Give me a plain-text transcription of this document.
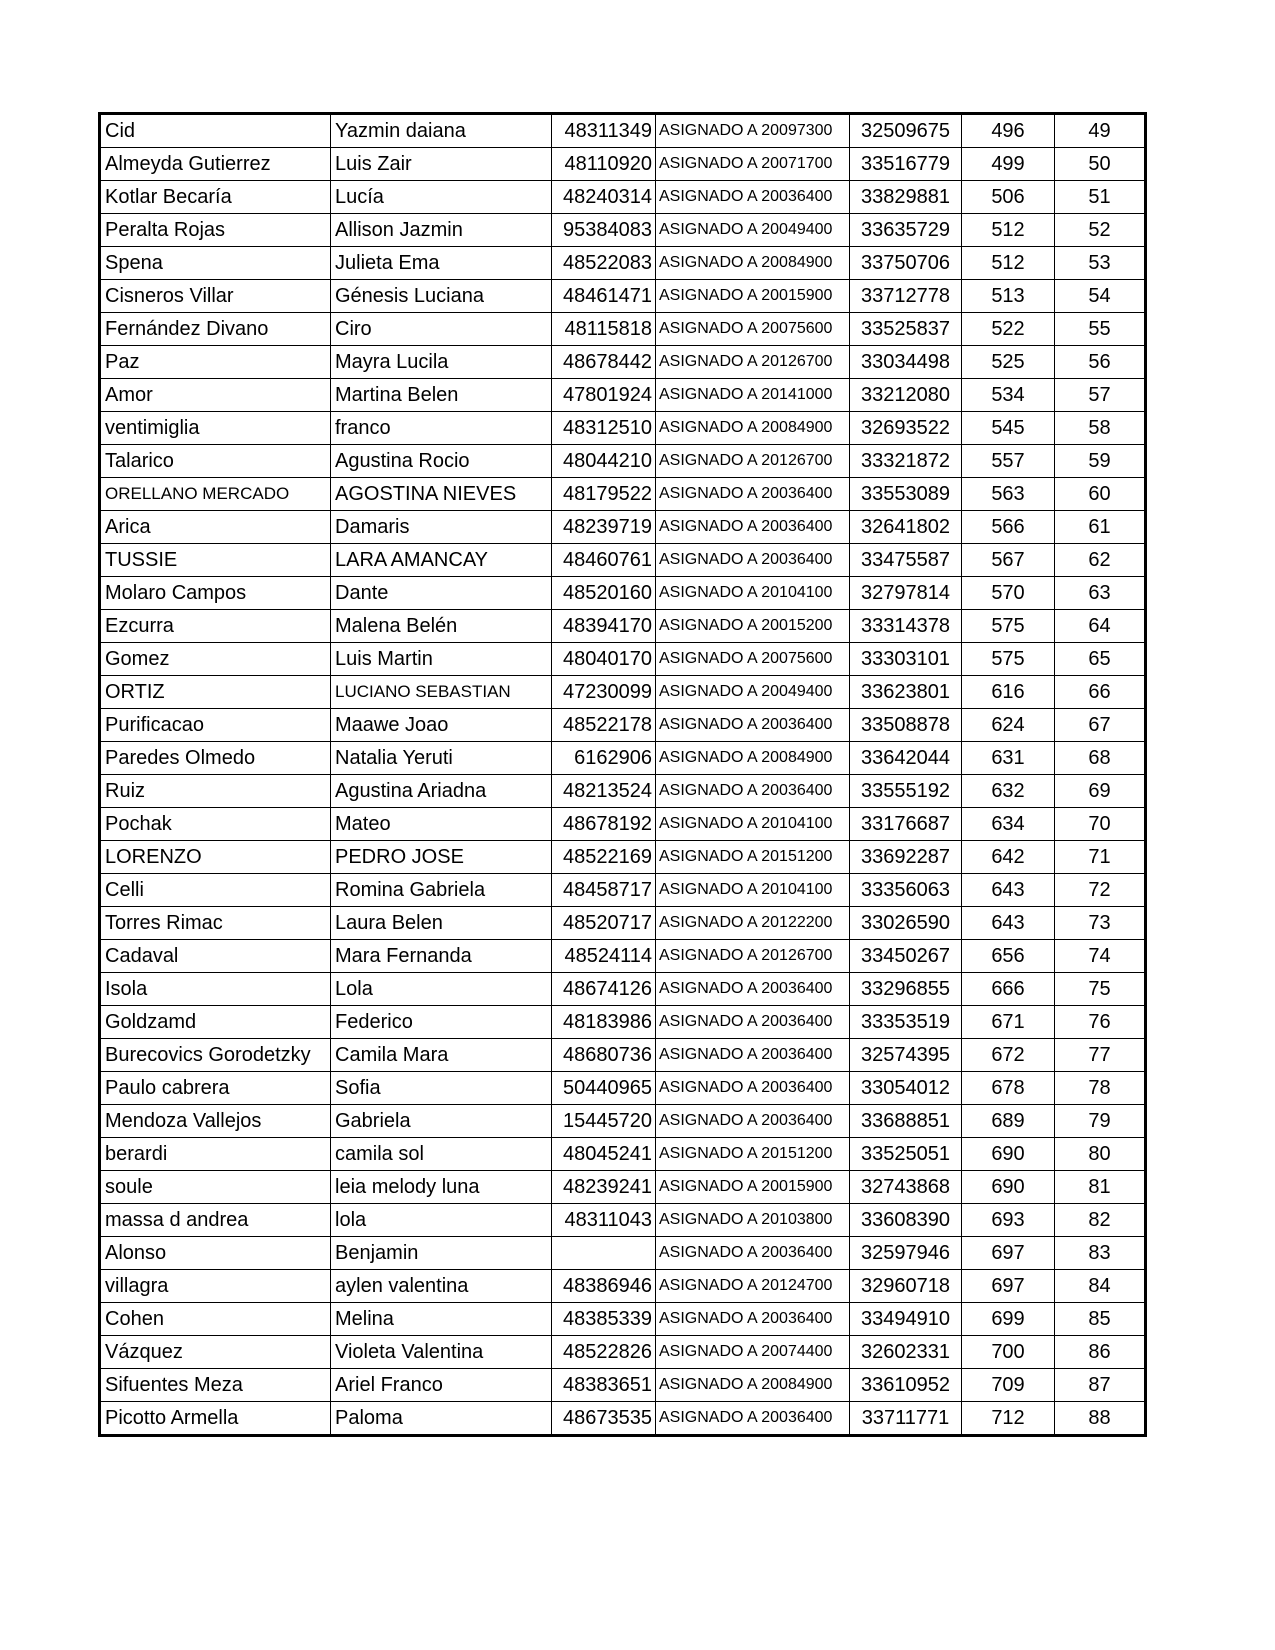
Cid	Yazmin daiana	48311349	ASIGNADO A 20097300	32509675	496	49
Almeyda Gutierrez	Luis Zair	48110920	ASIGNADO A 20071700	33516779	499	50
Kotlar Becaría	Lucía	48240314	ASIGNADO A 20036400	33829881	506	51
Peralta Rojas	Allison Jazmin	95384083	ASIGNADO A 20049400	33635729	512	52
Spena	Julieta Ema	48522083	ASIGNADO A 20084900	33750706	512	53
Cisneros Villar	Génesis Luciana	48461471	ASIGNADO A 20015900	33712778	513	54
Fernández Divano	Ciro	48115818	ASIGNADO A 20075600	33525837	522	55
Paz	Mayra Lucila	48678442	ASIGNADO A 20126700	33034498	525	56
Amor	Martina Belen	47801924	ASIGNADO A 20141000	33212080	534	57
ventimiglia	franco	48312510	ASIGNADO A 20084900	32693522	545	58
Talarico	Agustina Rocio	48044210	ASIGNADO A 20126700	33321872	557	59
ORELLANO MERCADO	AGOSTINA NIEVES	48179522	ASIGNADO A 20036400	33553089	563	60
Arica	Damaris	48239719	ASIGNADO A 20036400	32641802	566	61
TUSSIE	LARA AMANCAY	48460761	ASIGNADO A 20036400	33475587	567	62
Molaro Campos	Dante	48520160	ASIGNADO A 20104100	32797814	570	63
Ezcurra	Malena Belén	48394170	ASIGNADO A 20015200	33314378	575	64
Gomez	Luis Martin	48040170	ASIGNADO A 20075600	33303101	575	65
ORTIZ	LUCIANO SEBASTIAN	47230099	ASIGNADO A 20049400	33623801	616	66
Purificacao	Maawe Joao	48522178	ASIGNADO A 20036400	33508878	624	67
Paredes Olmedo	Natalia Yeruti	6162906	ASIGNADO A 20084900	33642044	631	68
Ruiz	Agustina Ariadna	48213524	ASIGNADO A 20036400	33555192	632	69
Pochak	Mateo	48678192	ASIGNADO A 20104100	33176687	634	70
LORENZO	PEDRO JOSE	48522169	ASIGNADO A 20151200	33692287	642	71
Celli	Romina Gabriela	48458717	ASIGNADO A 20104100	33356063	643	72
Torres Rimac	Laura Belen	48520717	ASIGNADO A 20122200	33026590	643	73
Cadaval	Mara Fernanda	48524114	ASIGNADO A 20126700	33450267	656	74
Isola	Lola	48674126	ASIGNADO A 20036400	33296855	666	75
Goldzamd	Federico	48183986	ASIGNADO A 20036400	33353519	671	76
Burecovics Gorodetzky	Camila Mara	48680736	ASIGNADO A 20036400	32574395	672	77
Paulo cabrera	Sofia	50440965	ASIGNADO A 20036400	33054012	678	78
Mendoza Vallejos	Gabriela	15445720	ASIGNADO A 20036400	33688851	689	79
berardi	camila sol	48045241	ASIGNADO A 20151200	33525051	690	80
soule	leia melody luna	48239241	ASIGNADO A 20015900	32743868	690	81
massa d andrea	lola	48311043	ASIGNADO A 20103800	33608390	693	82
Alonso	Benjamin		ASIGNADO A 20036400	32597946	697	83
villagra	aylen valentina	48386946	ASIGNADO A 20124700	32960718	697	84
Cohen	Melina	48385339	ASIGNADO A 20036400	33494910	699	85
Vázquez	Violeta Valentina	48522826	ASIGNADO A 20074400	32602331	700	86
Sifuentes Meza	Ariel Franco	48383651	ASIGNADO A 20084900	33610952	709	87
Picotto Armella	Paloma	48673535	ASIGNADO A 20036400	33711771	712	88
